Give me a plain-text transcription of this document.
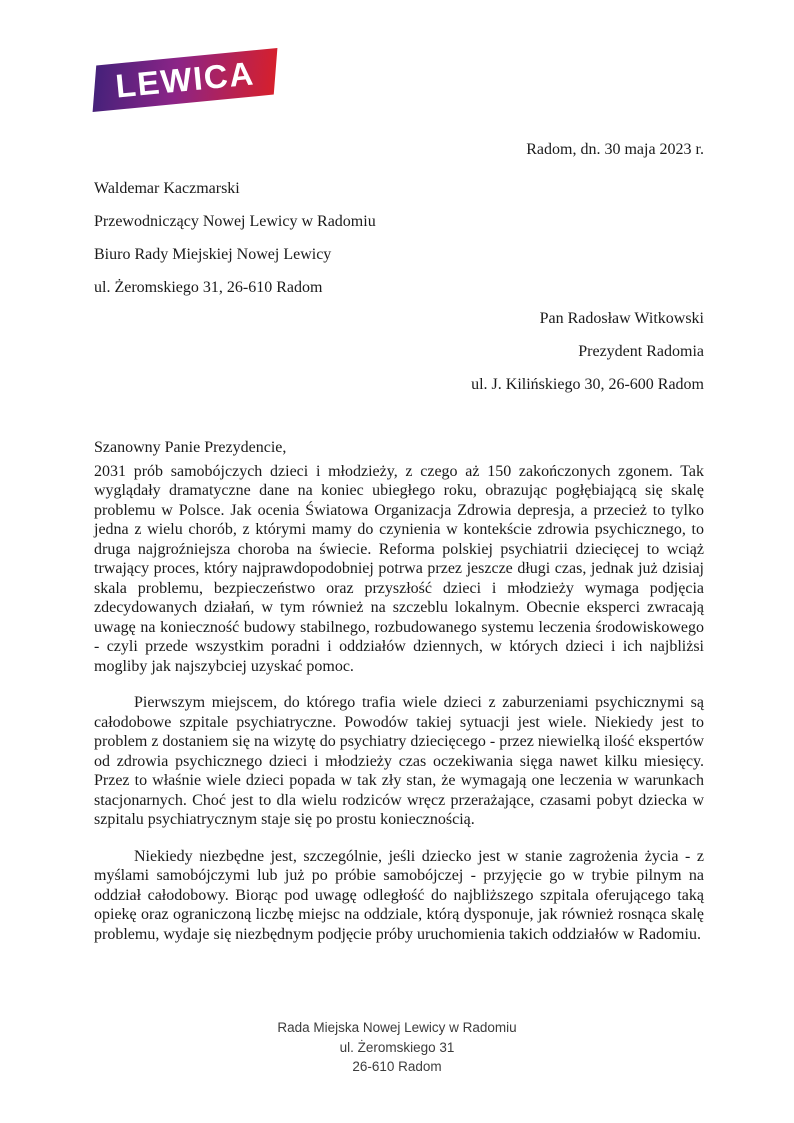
LEWICA
Radom, dn. 30 maja 2023 r.
Waldemar Kaczmarski
Przewodniczący Nowej Lewicy w Radomiu
Biuro Rady Miejskiej Nowej Lewicy
ul. Żeromskiego 31, 26-610 Radom
Pan Radosław Witkowski
Prezydent Radomia
ul. J. Kilińskiego 30, 26-600 Radom

Szanowny Panie Prezydencie,

2031 prób samobójczych dzieci i młodzieży, z czego aż 150 zakończonych zgonem. Tak wyglądały dramatyczne dane na koniec ubiegłego roku, obrazując pogłębiającą się skalę problemu w Polsce. Jak ocenia Światowa Organizacja Zdrowia depresja, a przecież to tylko jedna z wielu chorób, z którymi mamy do czynienia w kontekście zdrowia psychicznego, to druga najgroźniejsza choroba na świecie. Reforma polskiej psychiatrii dziecięcej to wciąż trwający proces, który najprawdopodobniej potrwa przez jeszcze długi czas, jednak już dzisiaj skala problemu, bezpieczeństwo oraz przyszłość dzieci i młodzieży wymaga podjęcia zdecydowanych działań, w tym również na szczeblu lokalnym. Obecnie eksperci zwracają uwagę na konieczność budowy stabilnego, rozbudowanego systemu leczenia środowiskowego - czyli przede wszystkim poradni i oddziałów dziennych, w których dzieci i ich najbliżsi mogliby jak najszybciej uzyskać pomoc.

Pierwszym miejscem, do którego trafia wiele dzieci z zaburzeniami psychicznymi są całodobowe szpitale psychiatryczne. Powodów takiej sytuacji jest wiele. Niekiedy jest to problem z dostaniem się na wizytę do psychiatry dziecięcego - przez niewielką ilość ekspertów od zdrowia psychicznego dzieci i młodzieży czas oczekiwania sięga nawet kilku miesięcy. Przez to właśnie wiele dzieci popada w tak zły stan, że wymagają one leczenia w warunkach stacjonarnych. Choć jest to dla wielu rodziców wręcz przerażające, czasami pobyt dziecka w szpitalu psychiatrycznym staje się po prostu koniecznością.

Niekiedy niezbędne jest, szczególnie, jeśli dziecko jest w stanie zagrożenia życia - z myślami samobójczymi lub już po próbie samobójczej - przyjęcie go w trybie pilnym na oddział całodobowy. Biorąc pod uwagę odległość do najbliższego szpitala oferującego taką opiekę oraz ograniczoną liczbę miejsc na oddziale, którą dysponuje, jak również rosnąca skalę problemu, wydaje się niezbędnym podjęcie próby uruchomienia takich oddziałów w Radomiu.

Rada Miejska Nowej Lewicy w Radomiu
ul. Żeromskiego 31
26-610 Radom
